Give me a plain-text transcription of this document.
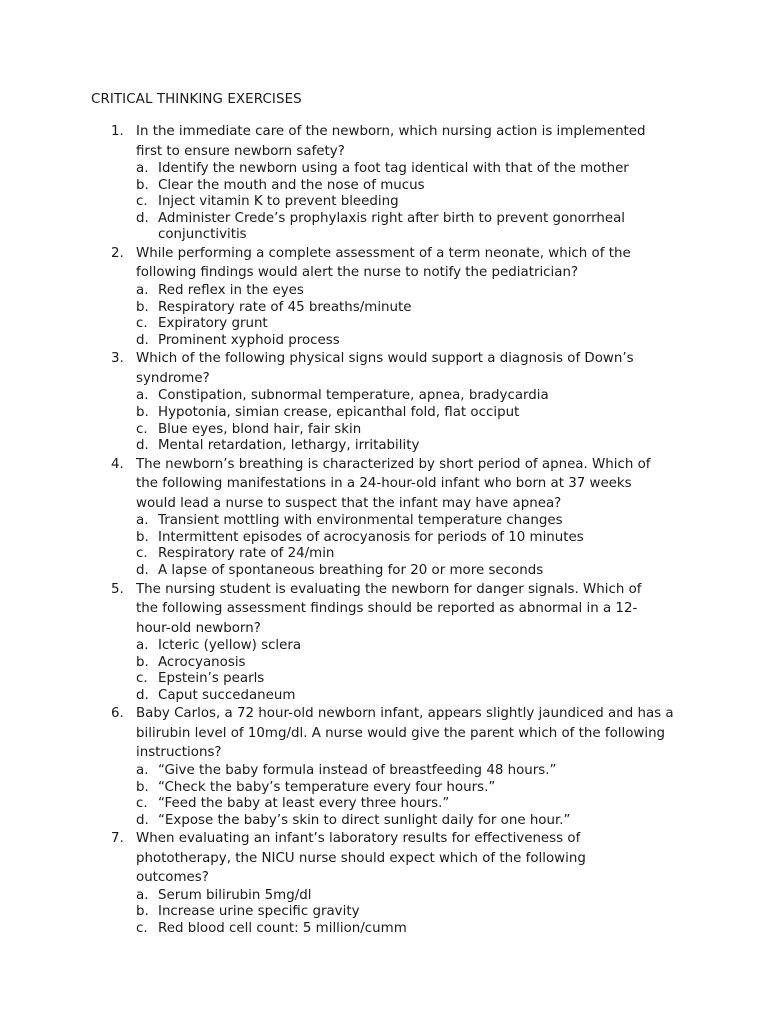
CRITICAL THINKING EXERCISES
1. In the immediate care of the newborn, which nursing action is implemented first to ensure newborn safety?
a. Identify the newborn using a foot tag identical with that of the mother
b. Clear the mouth and the nose of mucus
c. Inject vitamin K to prevent bleeding
d. Administer Crede’s prophylaxis right after birth to prevent gonorrheal conjunctivitis
2. While performing a complete assessment of a term neonate, which of the following findings would alert the nurse to notify the pediatrician?
a. Red reflex in the eyes
b. Respiratory rate of 45 breaths/minute
c. Expiratory grunt
d. Prominent xyphoid process
3. Which of the following physical signs would support a diagnosis of Down’s syndrome?
a. Constipation, subnormal temperature, apnea, bradycardia
b. Hypotonia, simian crease, epicanthal fold, flat occiput
c. Blue eyes, blond hair, fair skin
d. Mental retardation, lethargy, irritability
4. The newborn’s breathing is characterized by short period of apnea. Which of the following manifestations in a 24-hour-old infant who born at 37 weeks would lead a nurse to suspect that the infant may have apnea?
a. Transient mottling with environmental temperature changes
b. Intermittent episodes of acrocyanosis for periods of 10 minutes
c. Respiratory rate of 24/min
d. A lapse of spontaneous breathing for 20 or more seconds
5. The nursing student is evaluating the newborn for danger signals. Which of the following assessment findings should be reported as abnormal in a 12-hour-old newborn?
a. Icteric (yellow) sclera
b. Acrocyanosis
c. Epstein’s pearls
d. Caput succedaneum
6. Baby Carlos, a 72 hour-old newborn infant, appears slightly jaundiced and has a bilirubin level of 10mg/dl. A nurse would give the parent which of the following instructions?
a. “Give the baby formula instead of breastfeeding 48 hours.”
b. “Check the baby’s temperature every four hours.”
c. “Feed the baby at least every three hours.”
d. “Expose the baby’s skin to direct sunlight daily for one hour.”
7. When evaluating an infant’s laboratory results for effectiveness of phototherapy, the NICU nurse should expect which of the following outcomes?
a. Serum bilirubin 5mg/dl
b. Increase urine specific gravity
c. Red blood cell count: 5 million/cumm
